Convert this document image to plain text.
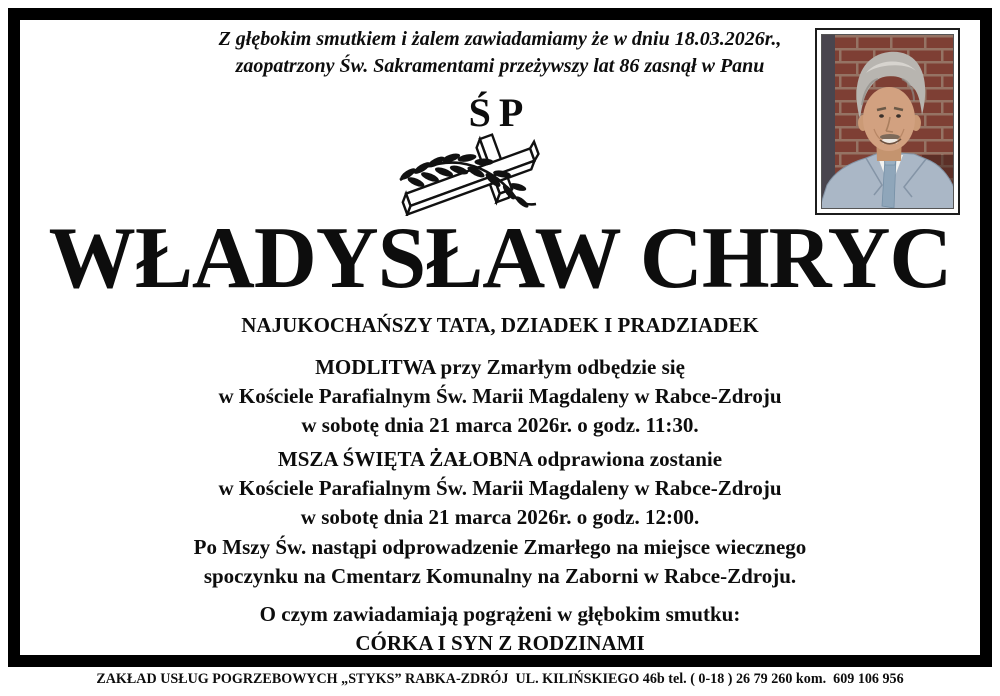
Z głębokim smutkiem i żalem zawiadamiamy że w dniu 18.03.2026r.,
zaopatrzony Św. Sakramentami przeżywszy lat 86 zasnął w Panu
ŚP
WŁADYSŁAW CHRYC
NAJUKOCHAŃSZY TATA, DZIADEK I PRADZIADEK
MODLITWA przy Zmarłym odbędzie się
w Kościele Parafialnym Św. Marii Magdaleny w Rabce-Zdroju
w sobotę dnia 21 marca 2026r. o godz. 11:30.
MSZA ŚWIĘTA ŻAŁOBNA odprawiona zostanie
w Kościele Parafialnym Św. Marii Magdaleny w Rabce-Zdroju
w sobotę dnia 21 marca 2026r. o godz. 12:00.
Po Mszy Św. nastąpi odprowadzenie Zmarłego na miejsce wiecznego
spoczynku na Cmentarz Komunalny na Zaborni w Rabce-Zdroju.
O czym zawiadamiają pogrążeni w głębokim smutku:
CÓRKA I SYN Z RODZINAMI
ZAKŁAD USŁUG POGRZEBOWYCH „STYKS” RABKA-ZDRÓJ  UL. KILIŃSKIEGO 46b tel. ( 0-18 ) 26 79 260 kom.  609 106 956
